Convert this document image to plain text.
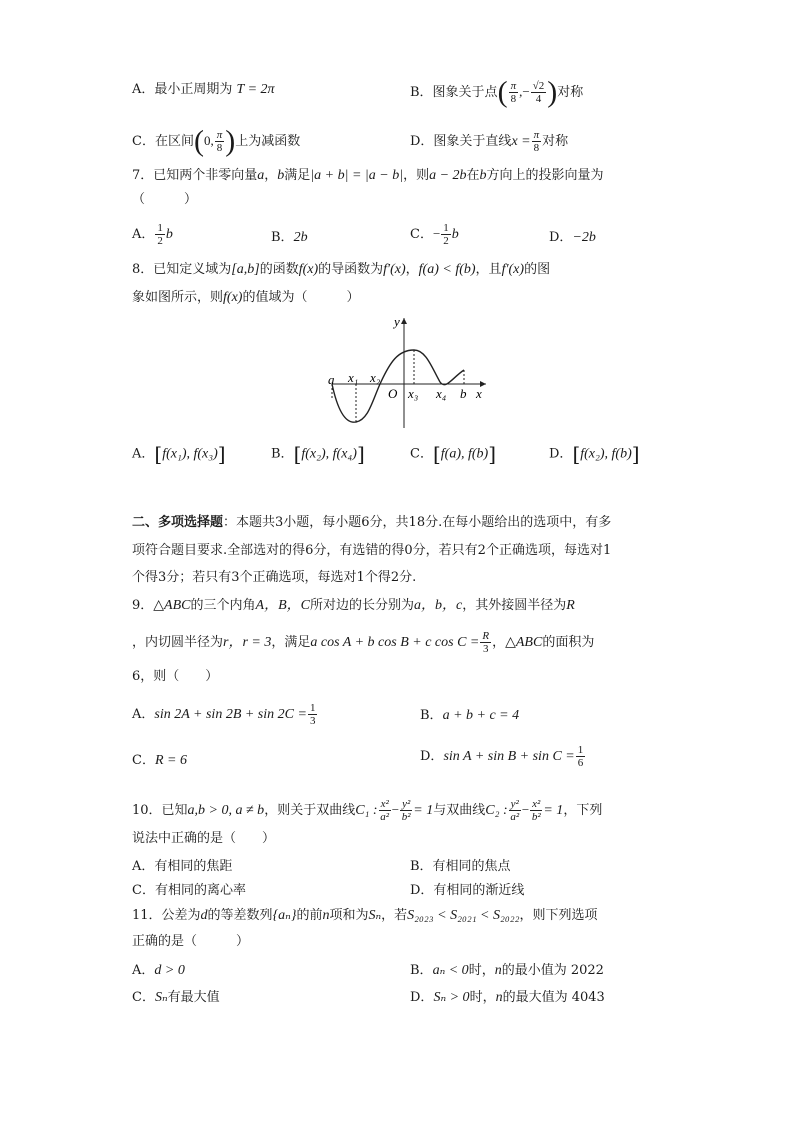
A．最小正周期为 T = 2π	B．图象关于点( $\frac{\pi}{8}$ ,− $\frac{√2}{4}$ )对称
C．在区间(0, $\frac{\pi}{8}$ )上为减函数	D．图象关于直线$x = \frac{\pi}{8}$ 对称
7．已知两个非零向量a，b满足|a + b| = |a − b|，则a − 2b在b方向上的投影向量为
（　　　）
A． $\frac{1}{2}$ b	B．2b	C．− $\frac{1}{2}$ b	D．−2b
8．已知定义域为[a,b]的函数f(x)的导函数为f′(x)，f(a) < f(b)，且f′(x)的图
象如图所示，则f(x)的值域为（　　　）
y
x
a x₁ x₂
O x₃ x₄ b
A．[f(x₁), f(x₃)]	B．[f(x₂), f(x₄)]	C．[f(a), f(b)]	D．[f(x₂), f(b)]
二、多项选择题：本题共3小题，每小题6分，共18分.在每小题给出的选项中，有多
项符合题目要求.全部选对的得6分，有选错的得0分，若只有2个正确选项，每选对1
个得3分；若只有3个正确选项，每选对1个得2分.
9．△ABC的三个内角A，B，C所对边的长分别为a，b，c，其外接圆半径为R
，内切圆半径为r，r = 3，满足a cos A + b cos B + c $\cos C = \frac{R}{3}$ ，△ABC的面积为
6，则（　　）
A．$\sin 2A + \sin 2B + \sin 2C = \frac{1}{3}$	B．a + b + c = 4
C．R = 6	D．$\sin A + \sin B + \sin C = \frac{1}{6}$
10．已知a,b > 0, a ≠ b，则关于双曲线C₁ : $\frac{\text{x²}}{\text{a²}} - \frac{\text{y²}}{\text{b²}} = 1$与双曲线C₂ : $\frac{\text{y²}}{\text{a²}} - \frac{\text{x²}}{\text{b²}} = 1$，下列
说法中正确的是（　　）
A．有相同的焦距	B．有相同的焦点
C．有相同的离心率	D．有相同的渐近线
11．公差为d的等差数列{aₙ}的前n项和为Sₙ，若S₂₀₂₃ < S₂₀₂₁ < S₂₀₂₂，则下列选项
正确的是（　　　）
A．d > 0	B．aₙ < 0时，n的最小值为 2022
C．Sₙ有最大值	D．Sₙ > 0时，n的最大值为 4043
